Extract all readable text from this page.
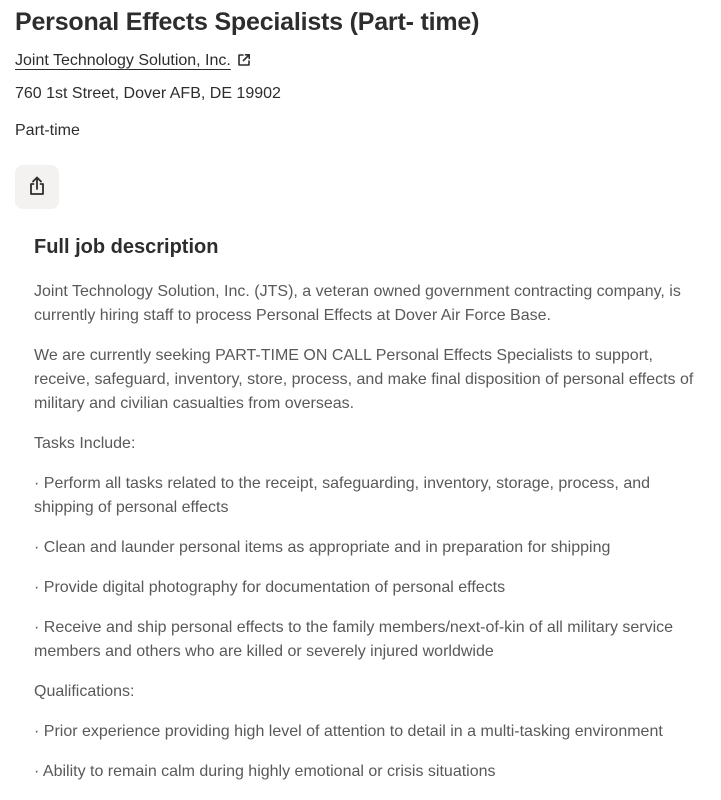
Personal Effects Specialists (Part- time)
Joint Technology Solution, Inc.
760 1st Street, Dover AFB, DE 19902
Part-time
Full job description

Joint Technology Solution, Inc. (JTS), a veteran owned government contracting company, is
currently hiring staff to process Personal Effects at Dover Air Force Base.

We are currently seeking PART-TIME ON CALL Personal Effects Specialists to support,
receive, safeguard, inventory, store, process, and make final disposition of personal effects of
military and civilian casualties from overseas.

Tasks Include:

· Perform all tasks related to the receipt, safeguarding, inventory, storage, process, and
shipping of personal effects

· Clean and launder personal items as appropriate and in preparation for shipping

· Provide digital photography for documentation of personal effects

· Receive and ship personal effects to the family members/next-of-kin of all military service
members and others who are killed or severely injured worldwide

Qualifications:

· Prior experience providing high level of attention to detail in a multi-tasking environment

· Ability to remain calm during highly emotional or crisis situations
